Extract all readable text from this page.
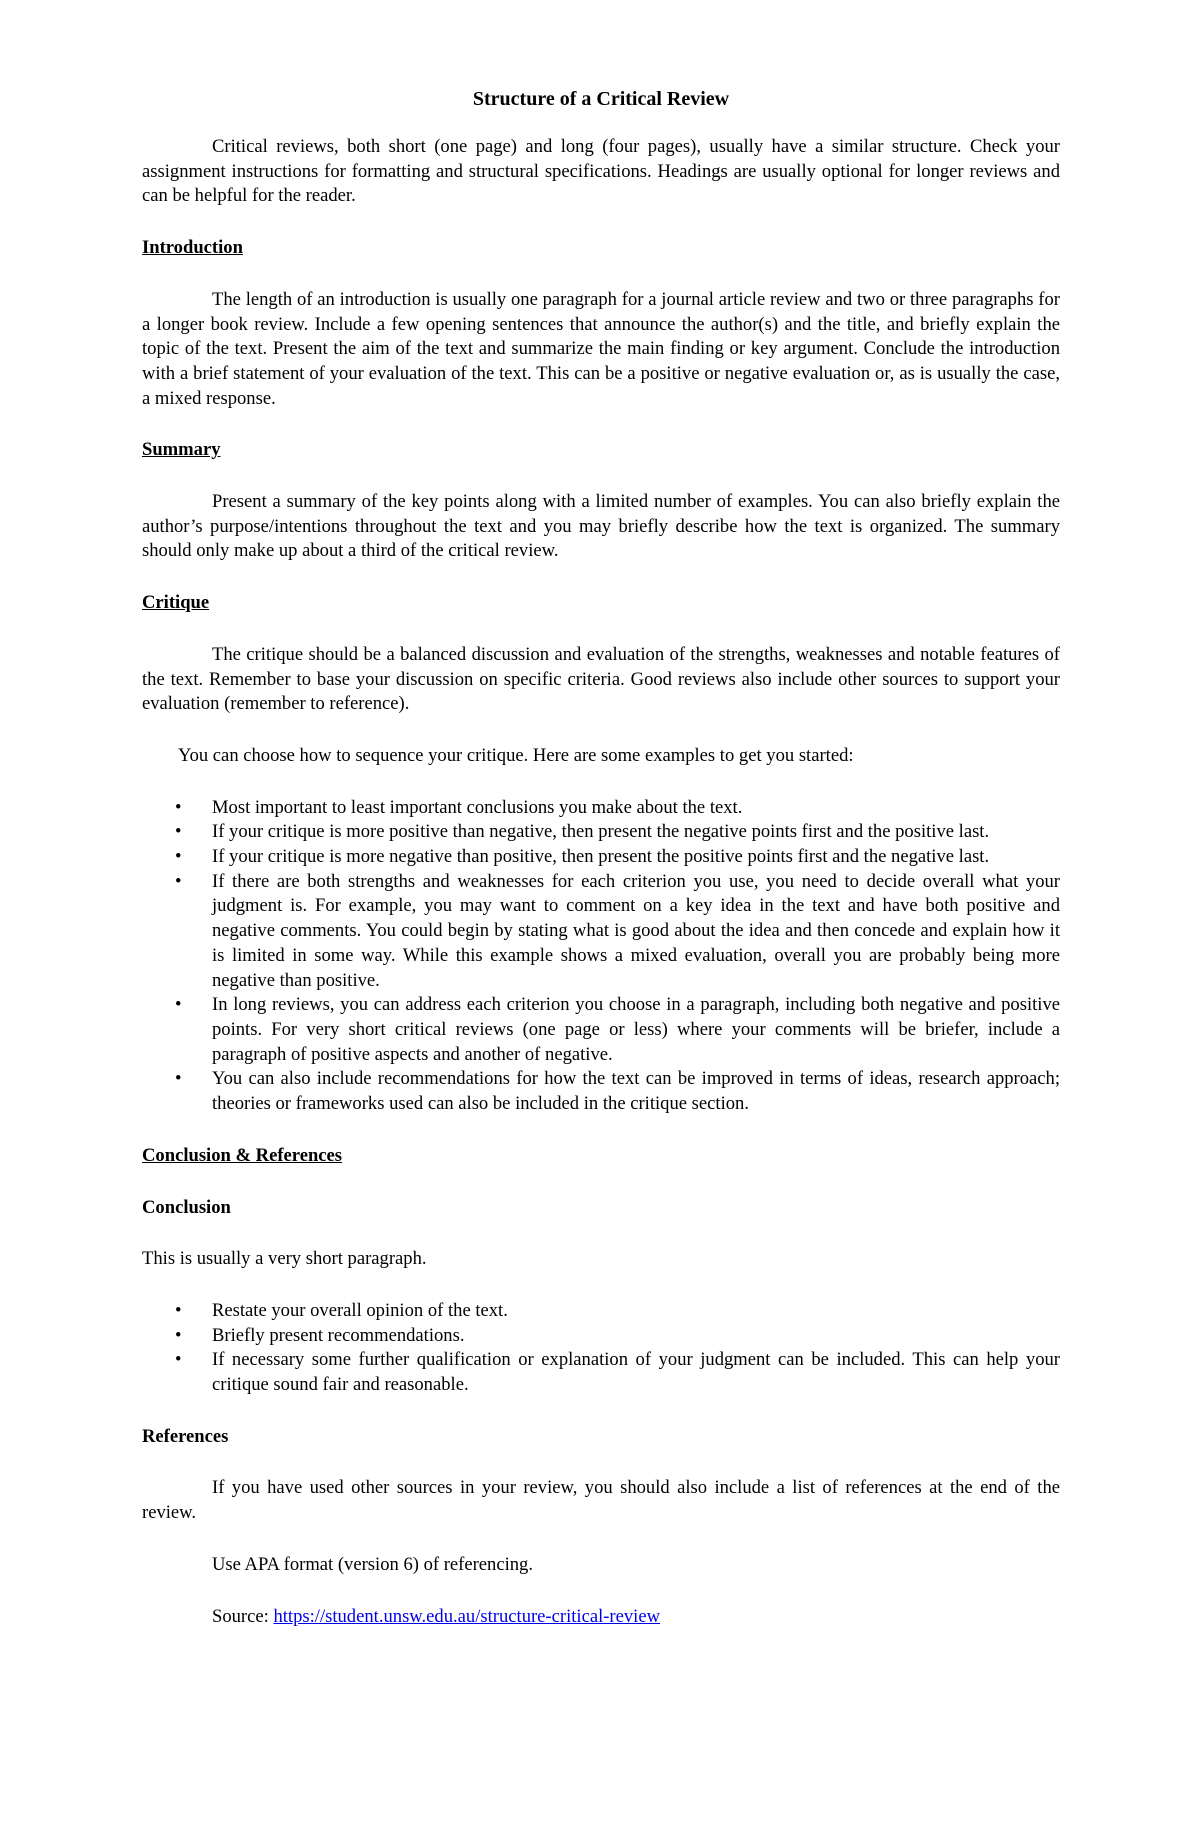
Structure of a Critical Review

Critical reviews, both short (one page) and long (four pages), usually have a similar structure. Check your assignment instructions for formatting and structural specifications. Headings are usually optional for longer reviews and can be helpful for the reader.

Introduction

The length of an introduction is usually one paragraph for a journal article review and two or three paragraphs for a longer book review. Include a few opening sentences that announce the author(s) and the title, and briefly explain the topic of the text. Present the aim of the text and summarize the main finding or key argument. Conclude the introduction with a brief statement of your evaluation of the text. This can be a positive or negative evaluation or, as is usually the case, a mixed response.

Summary

Present a summary of the key points along with a limited number of examples. You can also briefly explain the author’s purpose/intentions throughout the text and you may briefly describe how the text is organized. The summary should only make up about a third of the critical review.

Critique

The critique should be a balanced discussion and evaluation of the strengths, weaknesses and notable features of the text. Remember to base your discussion on specific criteria. Good reviews also include other sources to support your evaluation (remember to reference).

You can choose how to sequence your critique. Here are some examples to get you started:

• Most important to least important conclusions you make about the text.
• If your critique is more positive than negative, then present the negative points first and the positive last.
• If your critique is more negative than positive, then present the positive points first and the negative last.
• If there are both strengths and weaknesses for each criterion you use, you need to decide overall what your judgment is. For example, you may want to comment on a key idea in the text and have both positive and negative comments. You could begin by stating what is good about the idea and then concede and explain how it is limited in some way. While this example shows a mixed evaluation, overall you are probably being more negative than positive.
• In long reviews, you can address each criterion you choose in a paragraph, including both negative and positive points. For very short critical reviews (one page or less) where your comments will be briefer, include a paragraph of positive aspects and another of negative.
• You can also include recommendations for how the text can be improved in terms of ideas, research approach; theories or frameworks used can also be included in the critique section.
Conclusion & References
Conclusion

This is usually a very short paragraph.

• Restate your overall opinion of the text.
• Briefly present recommendations.
• If necessary some further qualification or explanation of your judgment can be included. This can help your critique sound fair and reasonable.
References

If you have used other sources in your review, you should also include a list of references at the end of the review.

Use APA format (version 6) of referencing.

Source: https://student.unsw.edu.au/structure-critical-review
